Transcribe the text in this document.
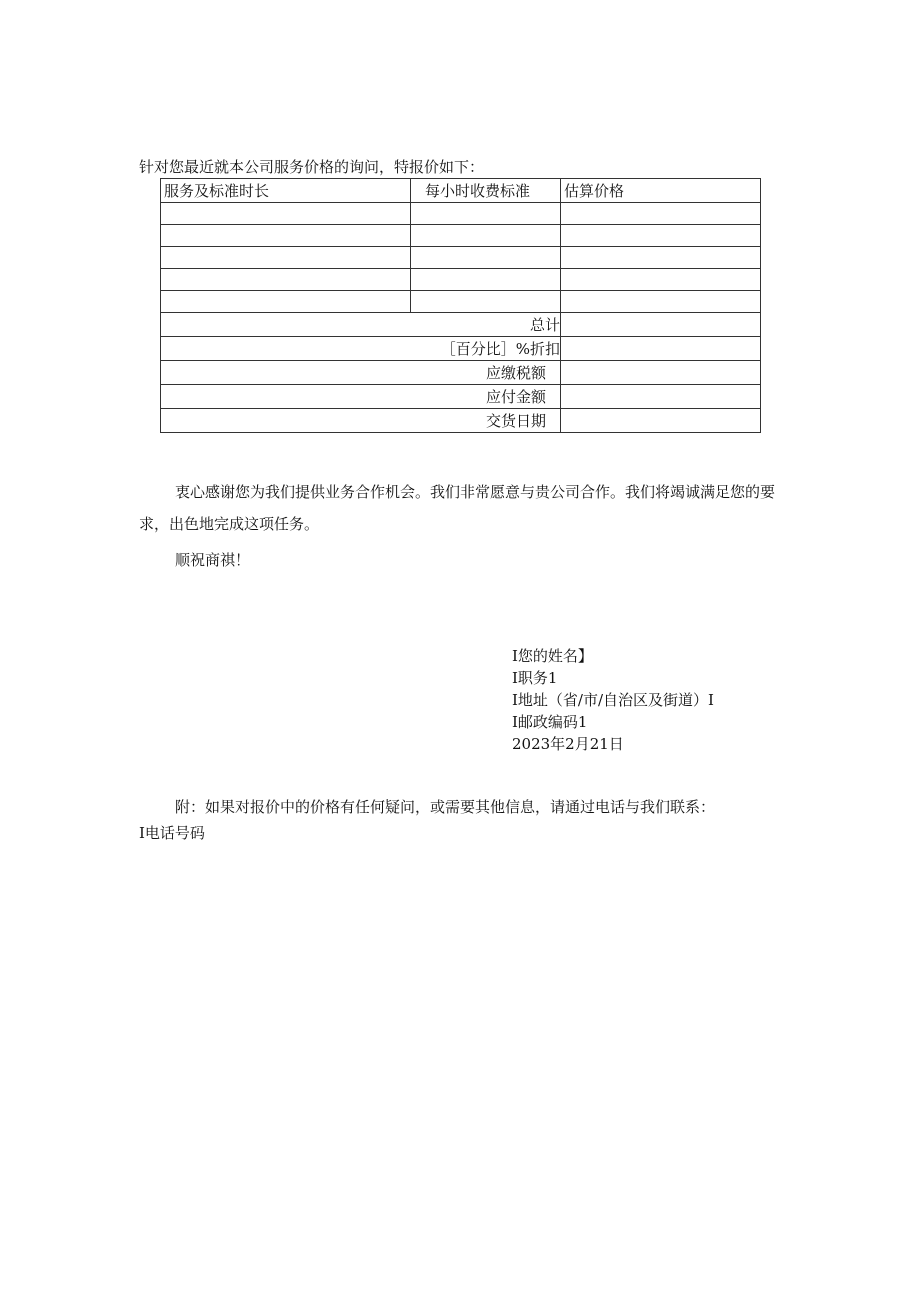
针对您最近就本公司服务价格的询问，特报价如下：
服务及标准时长	每小时收费标准	估算价格

总计		
［百分比］%折扣		
应缴税额		
应付金额		
交货日期		
衷心感谢您为我们提供业务合作机会。我们非常愿意与贵公司合作。我们将竭诚满足您的要求，出色地完成这项任务。
顺祝商祺！
I您的姓名】
I职务1
I地址（省/市/自治区及街道）I
I邮政编码1
2023年2月21日
附：如果对报价中的价格有任何疑问，或需要其他信息，请通过电话与我们联系：
I电话号码
